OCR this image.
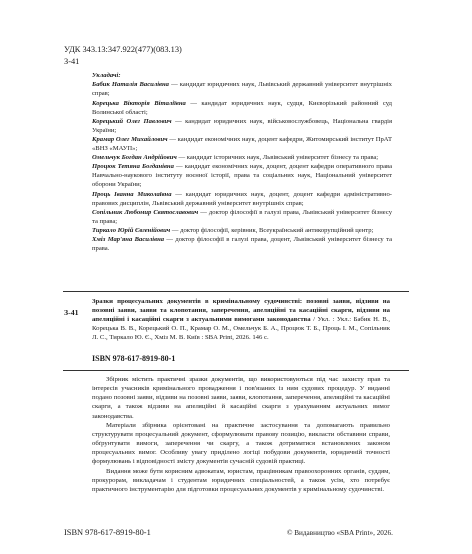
УДК 343.13:347.922(477)(083.13)
З-41
Укладачі:

Бабик Наталія Василівна — кандидат юридичних наук, Львівський державний університет внутрішніх справ;

Корецька Вікторія Віталіївна — кандидат юридичних наук, судця, Києворізький районний суд Волинської області;

Корецький Олег Павлович — кандидат юридичних наук, військовослужбовець, Національна гвардія України;

Крамар Олег Михайлович — кандидат економічних наук, доцент кафедри, Житомирський інститут ПрАТ «ВНЗ «МАУП»;

Омельчук Богдан Андрійович — кандидат історичних наук, Львівський університет бізнесу та права;

Процюк Тетяна Богданівна — кандидат економічних наук, доцент, доцент кафедри оперативного права Навчально-наукового інституту воєнної історії, права та соціальних наук, Національний університет оборони України;

Проць Іванна Миколаївна — кандидат юридичних наук, доцент, доцент кафедри адміністративно-правових дисциплін, Львівський державний університет внутрішніх справ;

Сопільник Любомир Святославович — доктор філософії в галузі права, Львівський університет бізнесу та права;

Тиркало Юрій Євгенійович — доктор філософії, керівник, Всеукраїнський антикорупційний центр;

Хміз Мар'яна Василівна — доктор філософії в галузі права, доцент, Львівський університет бізнесу та права.

З-41
Зразки процесуальних документів в кримінальному судочинстві: позовні заяви, відзиви на позовні заяви, заяви та клопотання, заперечення, апеляційні та касаційні скарги, відзиви на апеляційні і касаційні скарги з актуальними вимогами законодавства / Укл. : Укл.: Бабик Н. В., Корецька В. В., Корецький О. П., Крамар О. М., Омельчук Б. А., Процюк Т. Б., Проць І. М., Сопільник Л. С., Тиркало Ю. Є., Хміз М. В. Київ : SBA Print, 2026. 146 с.
ISBN 978-617-8919-80-1

Збірник містить практичні зразки документів, що використовуються під час захисту прав та інтересів учасників кримінального провадження і пов'язаних із ним судових процедур. У виданні подано позовні заяви, відзиви на позовні заяви, заяви, клопотання, заперечення, апеляційні та касаційні скарги, а також відзиви на апеляційні й касаційні скарги з урахуванням актуальних вимог законодавства.

Матеріали збірника орієнтовані на практичне застосування та допомагають правильно структурувати процесуальний документ, сформулювати правову позицію, викласти обставини справи, обґрунтувати вимоги, заперечення чи скаргу, а також дотриматися встановлених законом процесуальних вимог. Особливу увагу приділено логіці побудови документів, юридичній точності формулювань і відповідності змісту документів сучасній судовій практиці.

Видання може бути корисним адвокатам, юристам, працівникам правоохоронних органів, суддям, прокурорам, викладачам і студентам юридичних спеціальностей, а також усім, хто потребує практичного інструментарію для підготовки процесуальних документів у кримінальному судочинстві.

ISBN 978-617-8919-80-1	© Видавництво «SBA Print», 2026.
